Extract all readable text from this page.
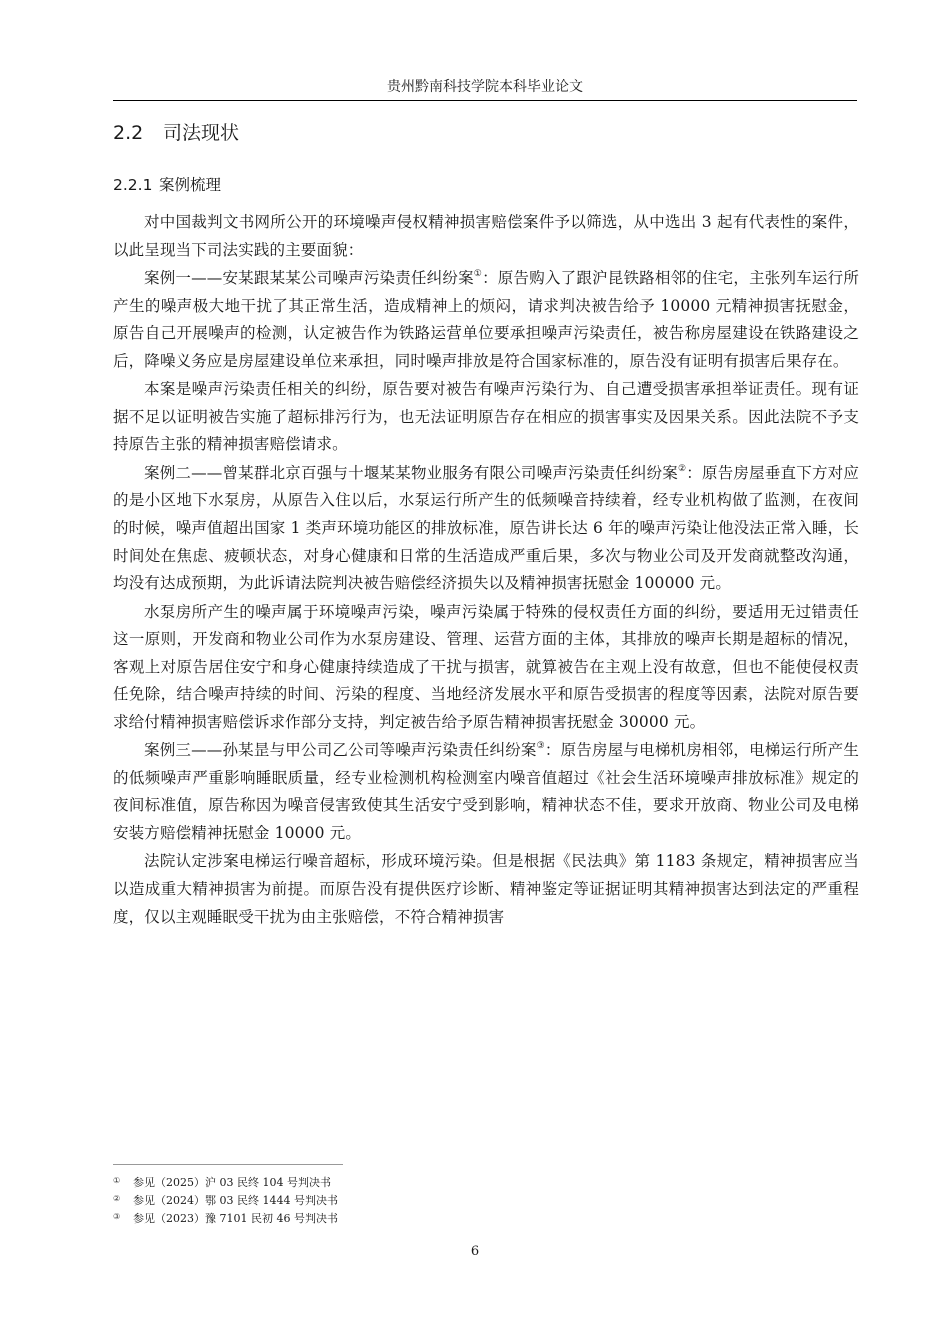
贵州黔南科技学院本科毕业论文
2.2 司法现状
2.2.1 案例梳理

对中国裁判文书网所公开的环境噪声侵权精神损害赔偿案件予以筛选，从中选出 3 起有代表性的案件，以此呈现当下司法实践的主要面貌：

案例一——安某跟某某公司噪声污染责任纠纷案①：原告购入了跟沪昆铁路相邻的住宅，主张列车运行所产生的噪声极大地干扰了其正常生活，造成精神上的烦闷，请求判决被告给予 10000 元精神损害抚慰金，原告自己开展噪声的检测，认定被告作为铁路运营单位要承担噪声污染责任，被告称房屋建设在铁路建设之后，降噪义务应是房屋建设单位来承担，同时噪声排放是符合国家标准的，原告没有证明有损害后果存在。

本案是噪声污染责任相关的纠纷，原告要对被告有噪声污染行为、自己遭受损害承担举证责任。现有证据不足以证明被告实施了超标排污行为，也无法证明原告存在相应的损害事实及因果关系。因此法院不予支持原告主张的精神损害赔偿请求。

案例二——曾某群北京百强与十堰某某物业服务有限公司噪声污染责任纠纷案②：原告房屋垂直下方对应的是小区地下水泵房，从原告入住以后，水泵运行所产生的低频噪音持续着，经专业机构做了监测，在夜间的时候，噪声值超出国家 1 类声环境功能区的排放标准，原告讲长达 6 年的噪声污染让他没法正常入睡，长时间处在焦虑、疲顿状态，对身心健康和日常的生活造成严重后果，多次与物业公司及开发商就整改沟通，均没有达成预期，为此诉请法院判决被告赔偿经济损失以及精神损害抚慰金 100000 元。

水泵房所产生的噪声属于环境噪声污染，噪声污染属于特殊的侵权责任方面的纠纷，要适用无过错责任这一原则，开发商和物业公司作为水泵房建设、管理、运营方面的主体，其排放的噪声长期是超标的情况，客观上对原告居住安宁和身心健康持续造成了干扰与损害，就算被告在主观上没有故意，但也不能使侵权责任免除，结合噪声持续的时间、污染的程度、当地经济发展水平和原告受损害的程度等因素，法院对原告要求给付精神损害赔偿诉求作部分支持，判定被告给予原告精神损害抚慰金 30000 元。

案例三——孙某昰与甲公司乙公司等噪声污染责任纠纷案③：原告房屋与电梯机房相邻，电梯运行所产生的低频噪声严重影响睡眠质量，经专业检测机构检测室内噪音值超过《社会生活环境噪声排放标准》规定的夜间标准值，原告称因为噪音侵害致使其生活安宁受到影响，精神状态不佳，要求开放商、物业公司及电梯安装方赔偿精神抚慰金 10000 元。

法院认定涉案电梯运行噪音超标，形成环境污染。但是根据《民法典》第 1183 条规定，精神损害应当以造成重大精神损害为前提。而原告没有提供医疗诊断、精神鉴定等证据证明其精神损害达到法定的严重程度，仅以主观睡眠受干扰为由主张赔偿，不符合精神损害

① 参见（2025）沪 03 民终 104 号判决书
② 参见（2024）鄂 03 民终 1444 号判决书
③ 参见（2023）豫 7101 民初 46 号判决书
6
